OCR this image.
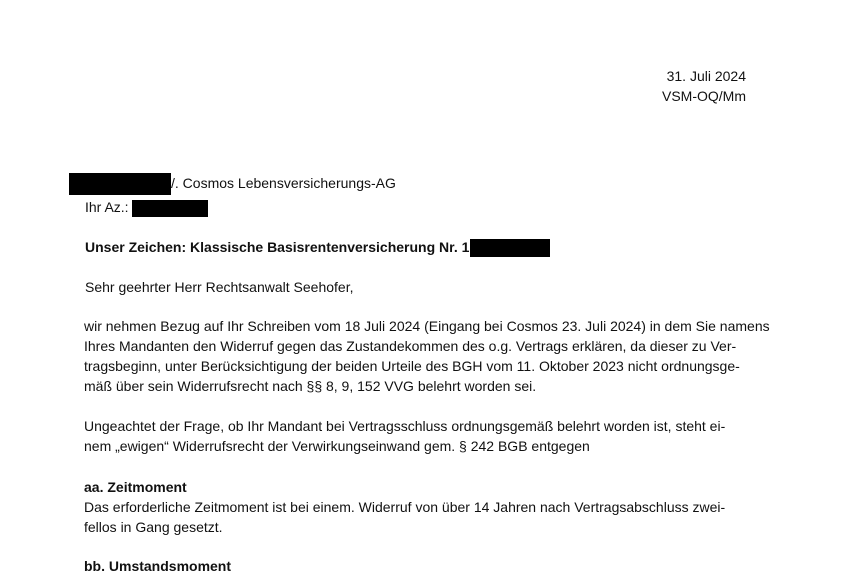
31. Juli 2024
VSM-OQ/Mm
/. Cosmos Lebensversicherungs-AG
Ihr Az.:
Unser Zeichen: Klassische Basisrentenversicherung Nr. 1
Sehr geehrter Herr Rechtsanwalt Seehofer,
wir nehmen Bezug auf Ihr Schreiben vom 18 Juli 2024 (Eingang bei Cosmos 23. Juli 2024) in dem Sie namens
Ihres Mandanten den Widerruf gegen das Zustandekommen des o.g. Vertrags erklären, da dieser zu Ver-
tragsbeginn, unter Berücksichtigung der beiden Urteile des BGH vom 11. Oktober 2023 nicht ordnungsge-
mäß über sein Widerrufsrecht nach §§ 8, 9, 152 VVG belehrt worden sei.
Ungeachtet der Frage, ob Ihr Mandant bei Vertragsschluss ordnungsgemäß belehrt worden ist, steht ei-
nem „ewigen“ Widerrufsrecht der Verwirkungseinwand gem. § 242 BGB entgegen
aa. Zeitmoment
Das erforderliche Zeitmoment ist bei einem. Widerruf von über 14 Jahren nach Vertragsabschluss zwei-
fellos in Gang gesetzt.
bb. Umstandsmoment
